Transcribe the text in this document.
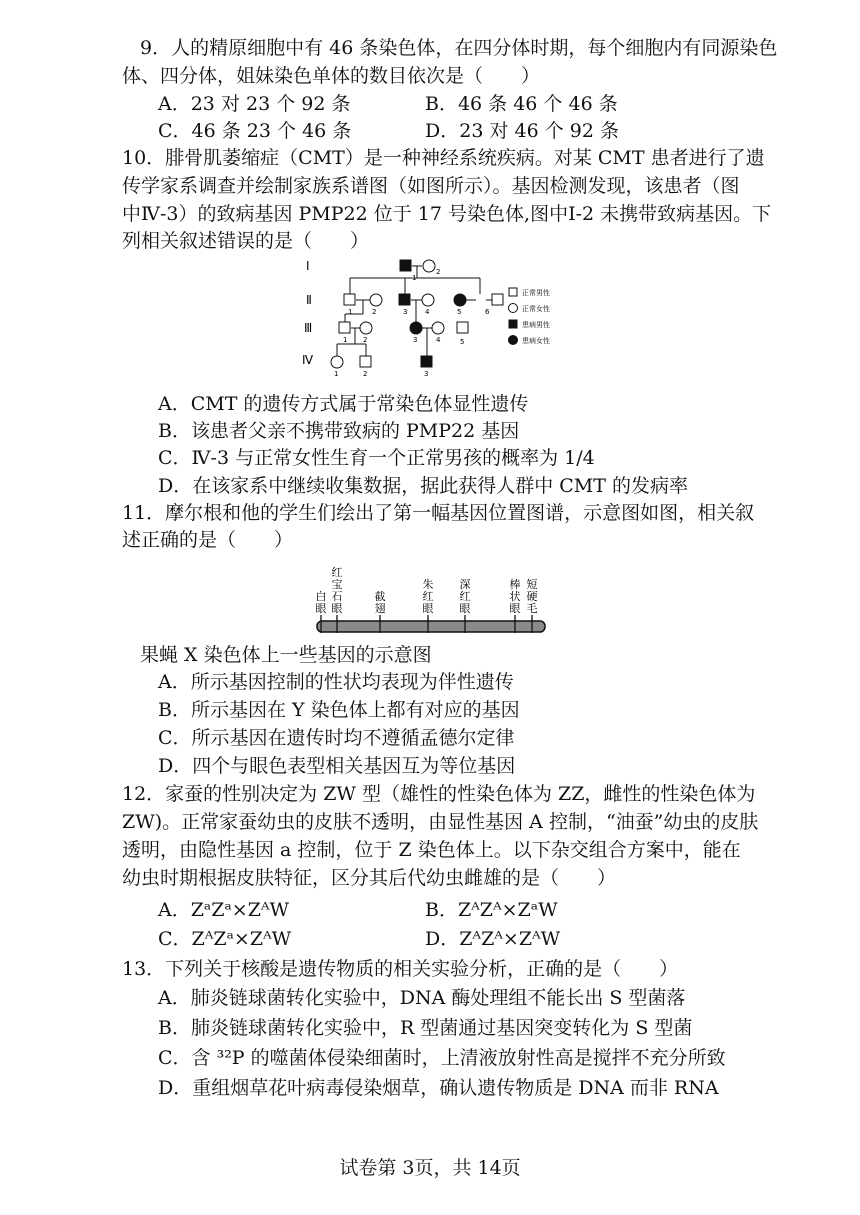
9．人的精原细胞中有 46 条染色体，在四分体时期，每个细胞内有同源染色
体、四分体，姐妹染色单体的数目依次是（　　）
A．23 对 23 个 92 条	B．46 条 46 个 46 条
C．46 条 23 个 46 条	D．23 对 46 个 92 条
10．腓骨肌萎缩症（CMT）是一种神经系统疾病。对某 CMT 患者进行了遗
传学家系调查并绘制家族系谱图（如图所示）。基因检测发现，该患者（图
中Ⅳ-3）的致病基因 PMP22 位于 17 号染色体,图中Ⅰ-2 未携带致病基因。下
列相关叙述错误的是（　　）
Ⅰ
Ⅱ
Ⅲ
Ⅳ
1
2
1	2	3	4	5	6
1 2	3	4	5
1	2	3
正常男性
正常女性
患病男性
患病女性
A．CMT 的遗传方式属于常染色体显性遗传
B．该患者父亲不携带致病的 PMP22 基因
C．Ⅳ-3 与正常女性生育一个正常男孩的概率为 1/4
D．在该家系中继续收集数据，据此获得人群中 CMT 的发病率
11．摩尔根和他的学生们绘出了第一幅基因位置图谱，示意图如图，相关叙
述正确的是（　　）
白眼
红宝石眼
截翅
朱红眼
深红眼
棒状眼
短硬毛
果蝇 X 染色体上一些基因的示意图
A．所示基因控制的性状均表现为伴性遗传
B．所示基因在 Y 染色体上都有对应的基因
C．所示基因在遗传时均不遵循孟德尔定律
D．四个与眼色表型相关基因互为等位基因
12．家蚕的性别决定为 ZW 型（雄性的性染色体为 ZZ，雌性的性染色体为
ZW)。正常家蚕幼虫的皮肤不透明，由显性基因 A 控制，“油蚕”幼虫的皮肤
透明，由隐性基因 a 控制，位于 Z 染色体上。以下杂交组合方案中，能在
幼虫时期根据皮肤特征，区分其后代幼虫雌雄的是（　　）
A．ZᵃZᵃ×ZᴬW	B．ZᴬZᴬ×ZᵃW
C．ZᴬZᵃ×ZᴬW	D．ZᴬZᴬ×ZᴬW
13．下列关于核酸是遗传物质的相关实验分析，正确的是（　　）
A．肺炎链球菌转化实验中，DNA 酶处理组不能长出 S 型菌落
B．肺炎链球菌转化实验中，R 型菌通过基因突变转化为 S 型菌
C．含 ³²P 的噬菌体侵染细菌时，上清液放射性高是搅拌不充分所致
D．重组烟草花叶病毒侵染烟草，确认遗传物质是 DNA 而非 RNA
试卷第 3页，共 14页
